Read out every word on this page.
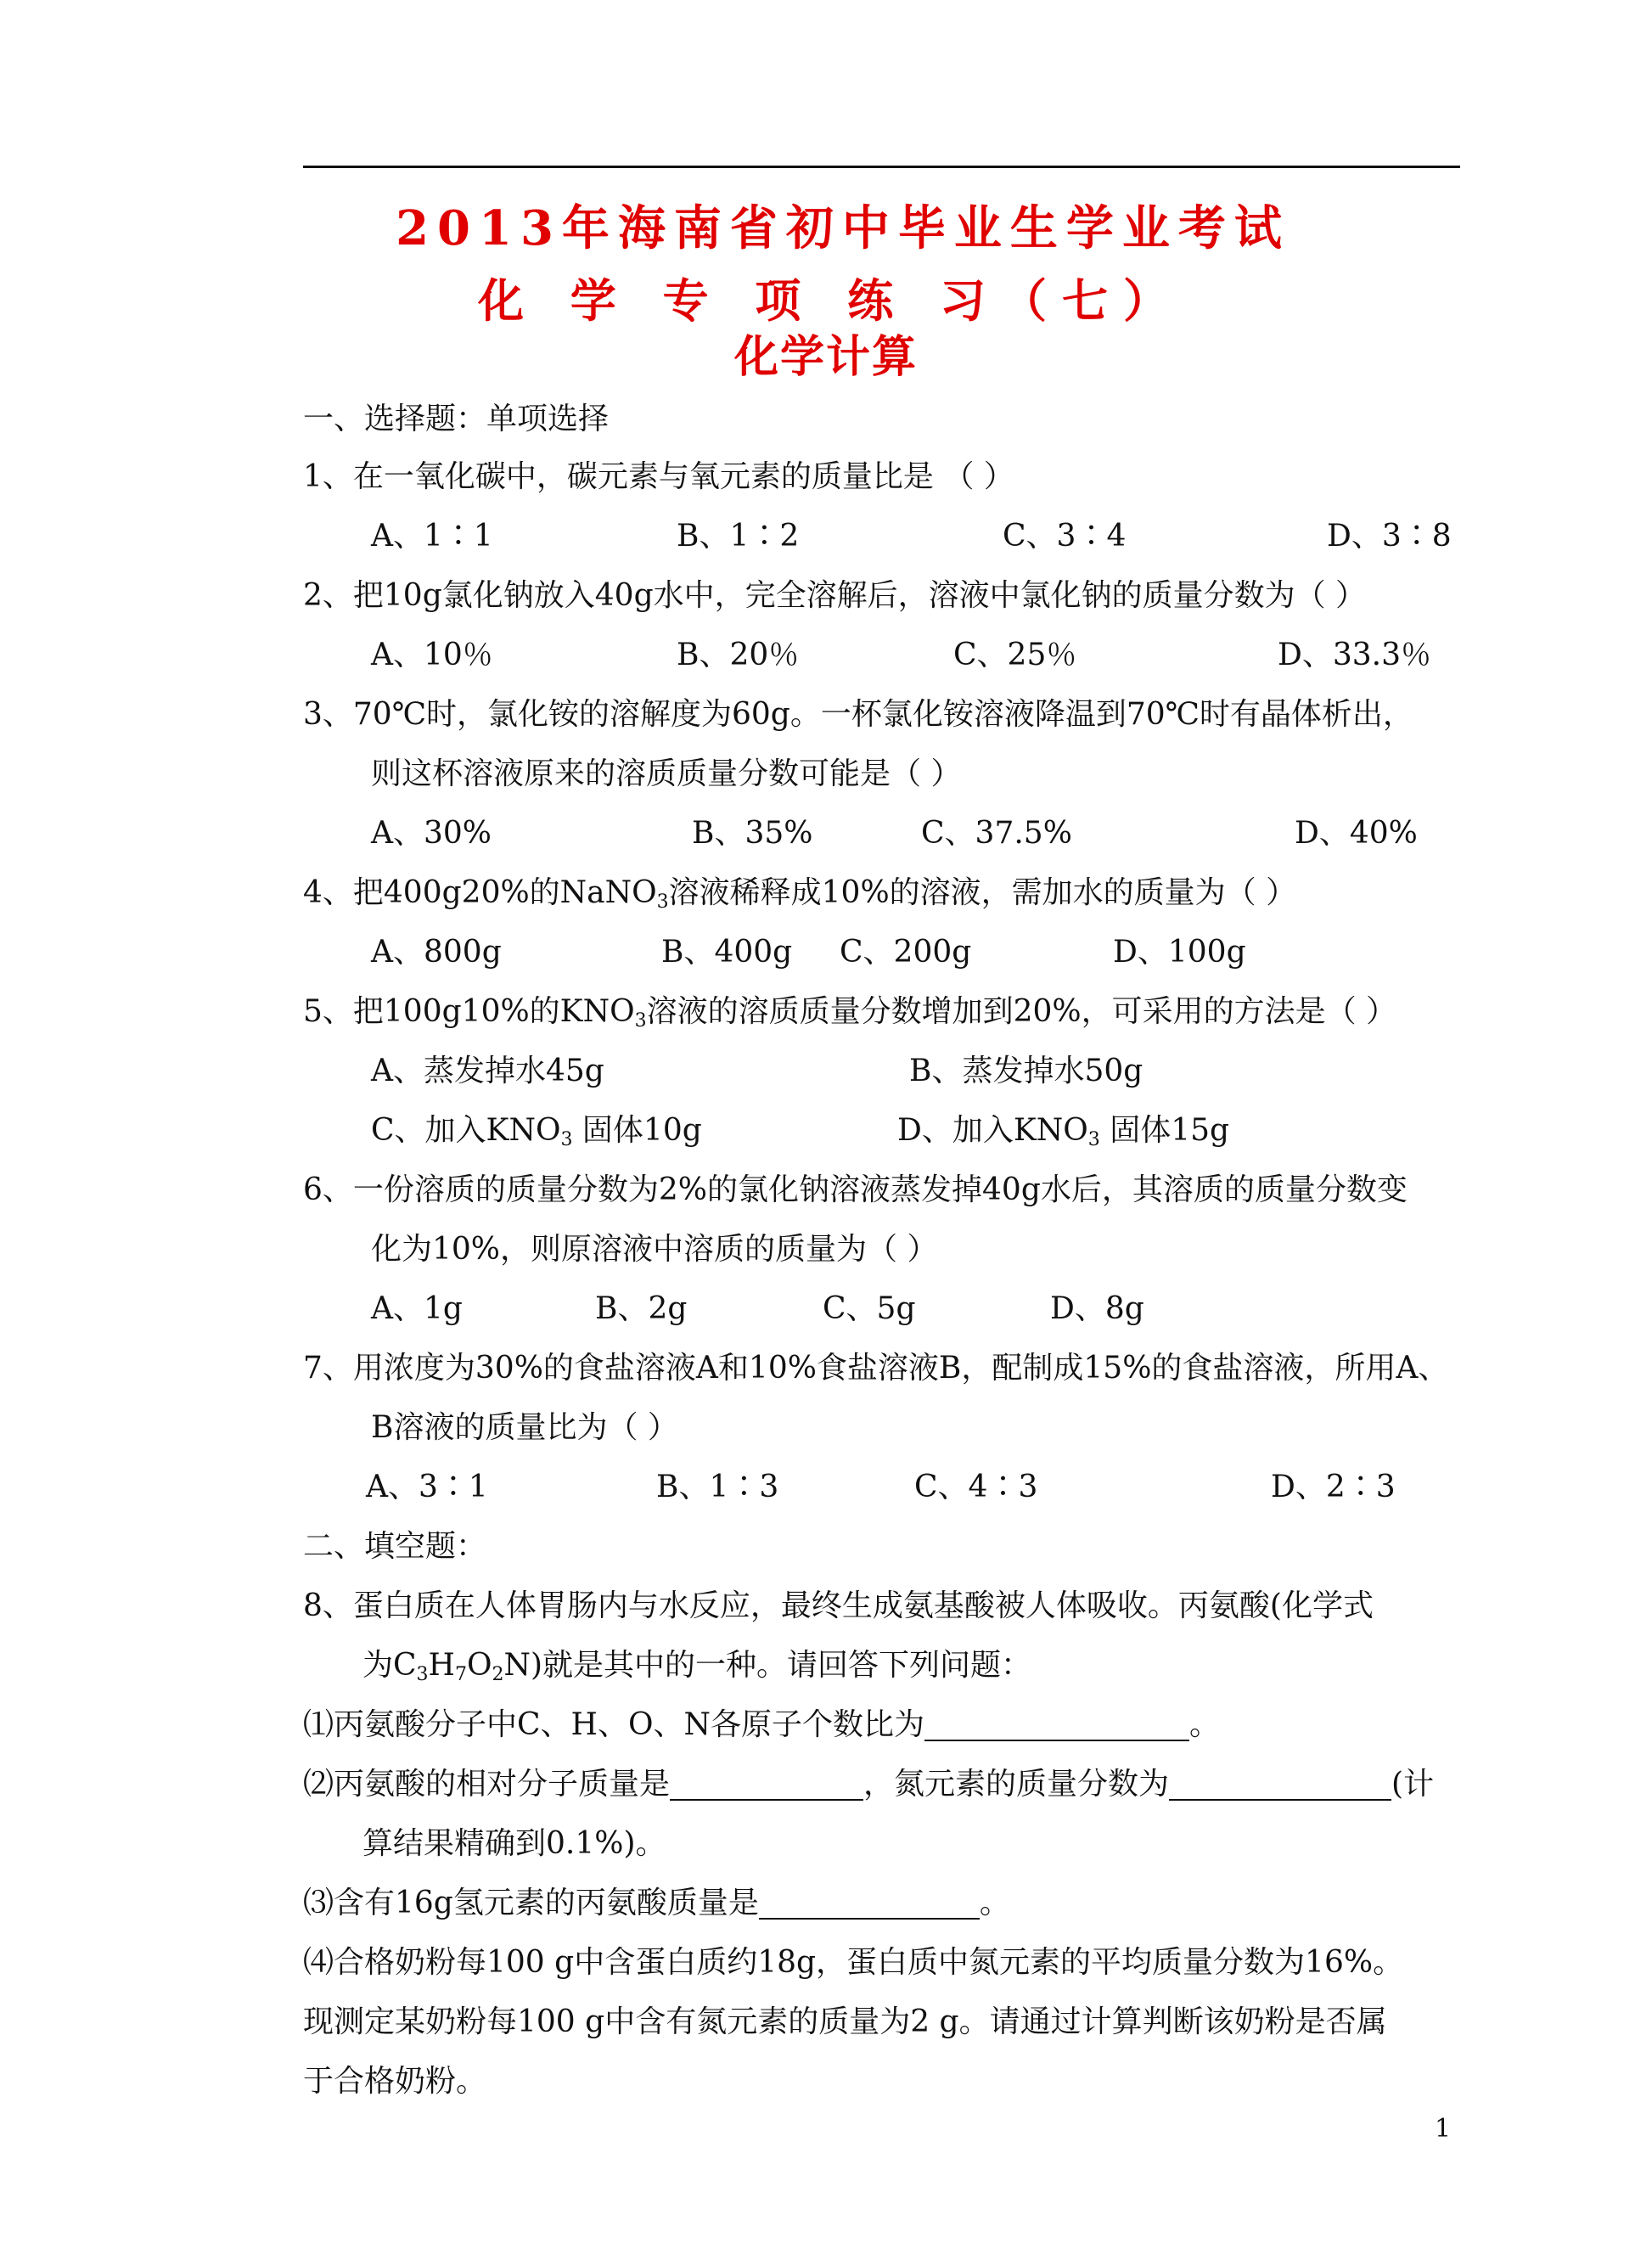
2013年海南省初中毕业生学业考试
化 学 专 项 练 习（七）
化学计算
一、选择题：单项选择
1、在一氧化碳中，碳元素与氧元素的质量比是 （ ）
A、1∶1	B、1∶2	C、3∶4	D、3∶8
2、把10g氯化钠放入40g水中，完全溶解后，溶液中氯化钠的质量分数为（ ）
A、10％	B、20％	C、25％	D、33.3％
3、70℃时，氯化铵的溶解度为60g。一杯氯化铵溶液降温到70℃时有晶体析出，
则这杯溶液原来的溶质质量分数可能是（ ）
A、30%	B、35%	C、37.5%	D、40%
4、把400g20%的NaNO$_3$溶液稀释成10%的溶液，需加水的质量为（ ）
A、800g	B、400g C、200g	D、100g
5、把100g10%的$KNO_3$溶液的溶质质量分数增加到20%，可采用的方法是（ ）
A、蒸发掉水45g	B、蒸发掉水50g
C、加入$KNO_3$ 固体10g	D、加入$KNO_3$ 固体15g
6、一份溶质的质量分数为2%的氯化钠溶液蒸发掉40g水后，其溶质的质量分数变
化为10%，则原溶液中溶质的质量为（ ）
A、1g	B、2g	C、5g	D、8g
7、用浓度为30%的食盐溶液A和10%食盐溶液B，配制成15%的食盐溶液，所用A、
B溶液的质量比为（ ）
A、3∶1	B、1∶3	C、4∶3	D、2∶3
二、填空题：
8、蛋白质在人体胃肠内与水反应，最终生成氨基酸被人体吸收。丙氨酸(化学式
为$C_3H_7O_2N$)就是其中的一种。请回答下列问题：
⑴丙氨酸分子中C、H、O、N各原子个数比为	。
⑵丙氨酸的相对分子质量是	，氮元素的质量分数为	(计
算结果精确到0.1%)。
⑶含有16g氢元素的丙氨酸质量是	。
⑷合格奶粉每100 g中含蛋白质约18g，蛋白质中氮元素的平均质量分数为16%。
现测定某奶粉每100 g中含有氮元素的质量为2 g。请通过计算判断该奶粉是否属
于合格奶粉。
1
